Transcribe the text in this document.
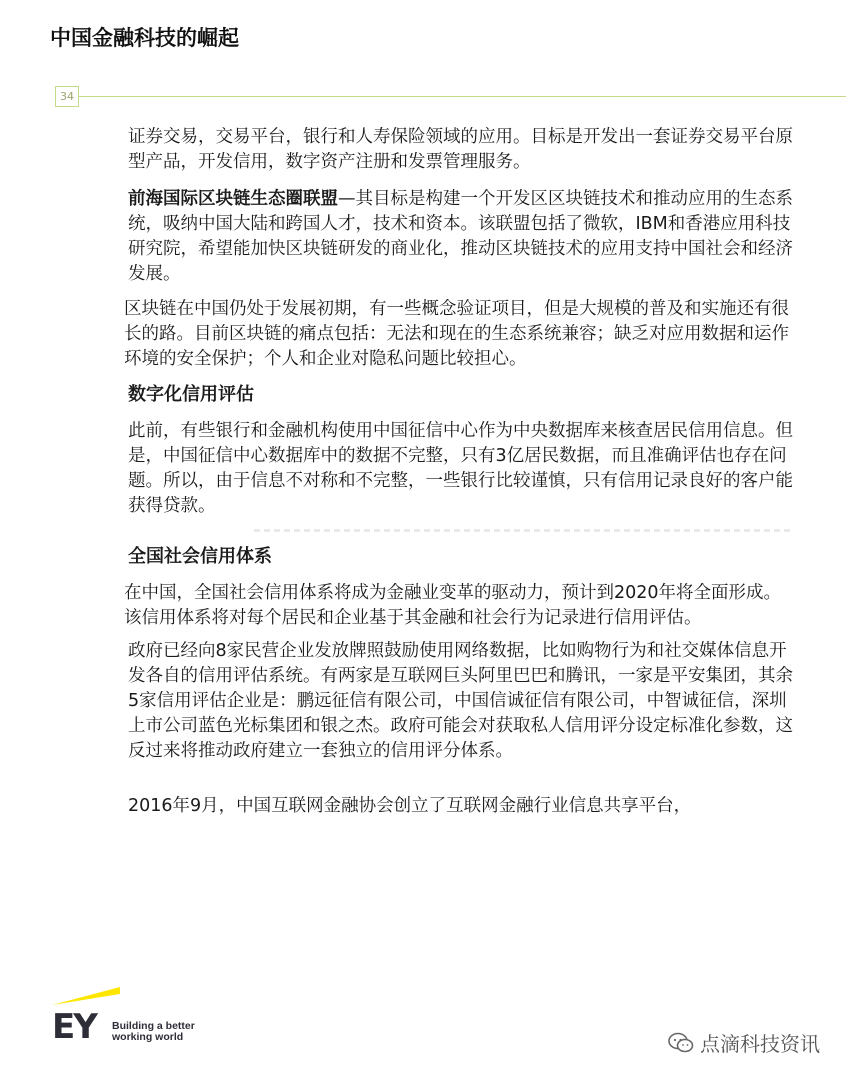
中国金融科技的崛起
34

证券交易，交易平台，银行和人寿保险领域的应用。目标是开发出一套证券交易平台原型产品，开发信用，数字资产注册和发票管理服务。

前海国际区块链生态圈联盟—其目标是构建一个开发区区块链技术和推动应用的生态系统，吸纳中国大陆和跨国人才，技术和资本。该联盟包括了微软，IBM和香港应用科技研究院，希望能加快区块链研发的商业化，推动区块链技术的应用支持中国社会和经济发展。

区块链在中国仍处于发展初期，有一些概念验证项目，但是大规模的普及和实施还有很长的路。目前区块链的痛点包括：无法和现在的生态系统兼容；缺乏对应用数据和运作环境的安全保护；个人和企业对隐私问题比较担心。

数字化信用评估

此前，有些银行和金融机构使用中国征信中心作为中央数据库来核查居民信用信息。但是，中国征信中心数据库中的数据不完整，只有3亿居民数据，而且准确评估也存在问题。所以，由于信息不对称和不完整，一些银行比较谨慎，只有信用记录良好的客户能获得贷款。

全国社会信用体系

在中国，全国社会信用体系将成为金融业变革的驱动力，预计到2020年将全面形成。该信用体系将对每个居民和企业基于其金融和社会行为记录进行信用评估。

政府已经向8家民营企业发放牌照鼓励使用网络数据，比如购物行为和社交媒体信息开发各自的信用评估系统。有两家是互联网巨头阿里巴巴和腾讯，一家是平安集团，其余5家信用评估企业是：鹏远征信有限公司，中国信诚征信有限公司，中智诚征信，深圳上市公司蓝色光标集团和银之杰。政府可能会对获取私人信用评分设定标准化参数，这反过来将推动政府建立一套独立的信用评分体系。

2016年9月，中国互联网金融协会创立了互联网金融行业信息共享平台，

EY Building a better
working world	点滴科技资讯
